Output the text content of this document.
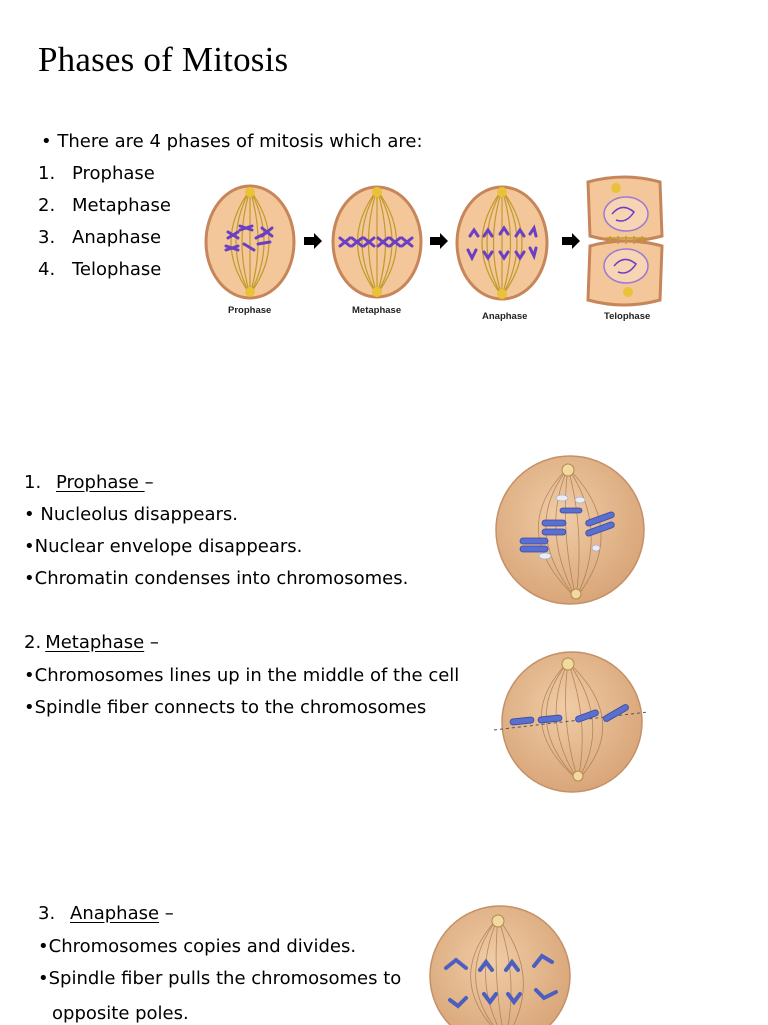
Phases of Mitosis
• There are 4 phases of mitosis which are:
1. Prophase
2. Metaphase
3. Anaphase
4. Telophase
Prophase	Metaphase
Anaphase	Telophase
1. Prophase –
• Nucleolus disappears.
•Nuclear envelope disappears.
•Chromatin condenses into chromosomes.
2. Metaphase –
•Chromosomes lines up in the middle of the cell
•Spindle fiber connects to the chromosomes
3. Anaphase –
•Chromosomes copies and divides.
•Spindle fiber pulls the chromosomes to
opposite poles.
